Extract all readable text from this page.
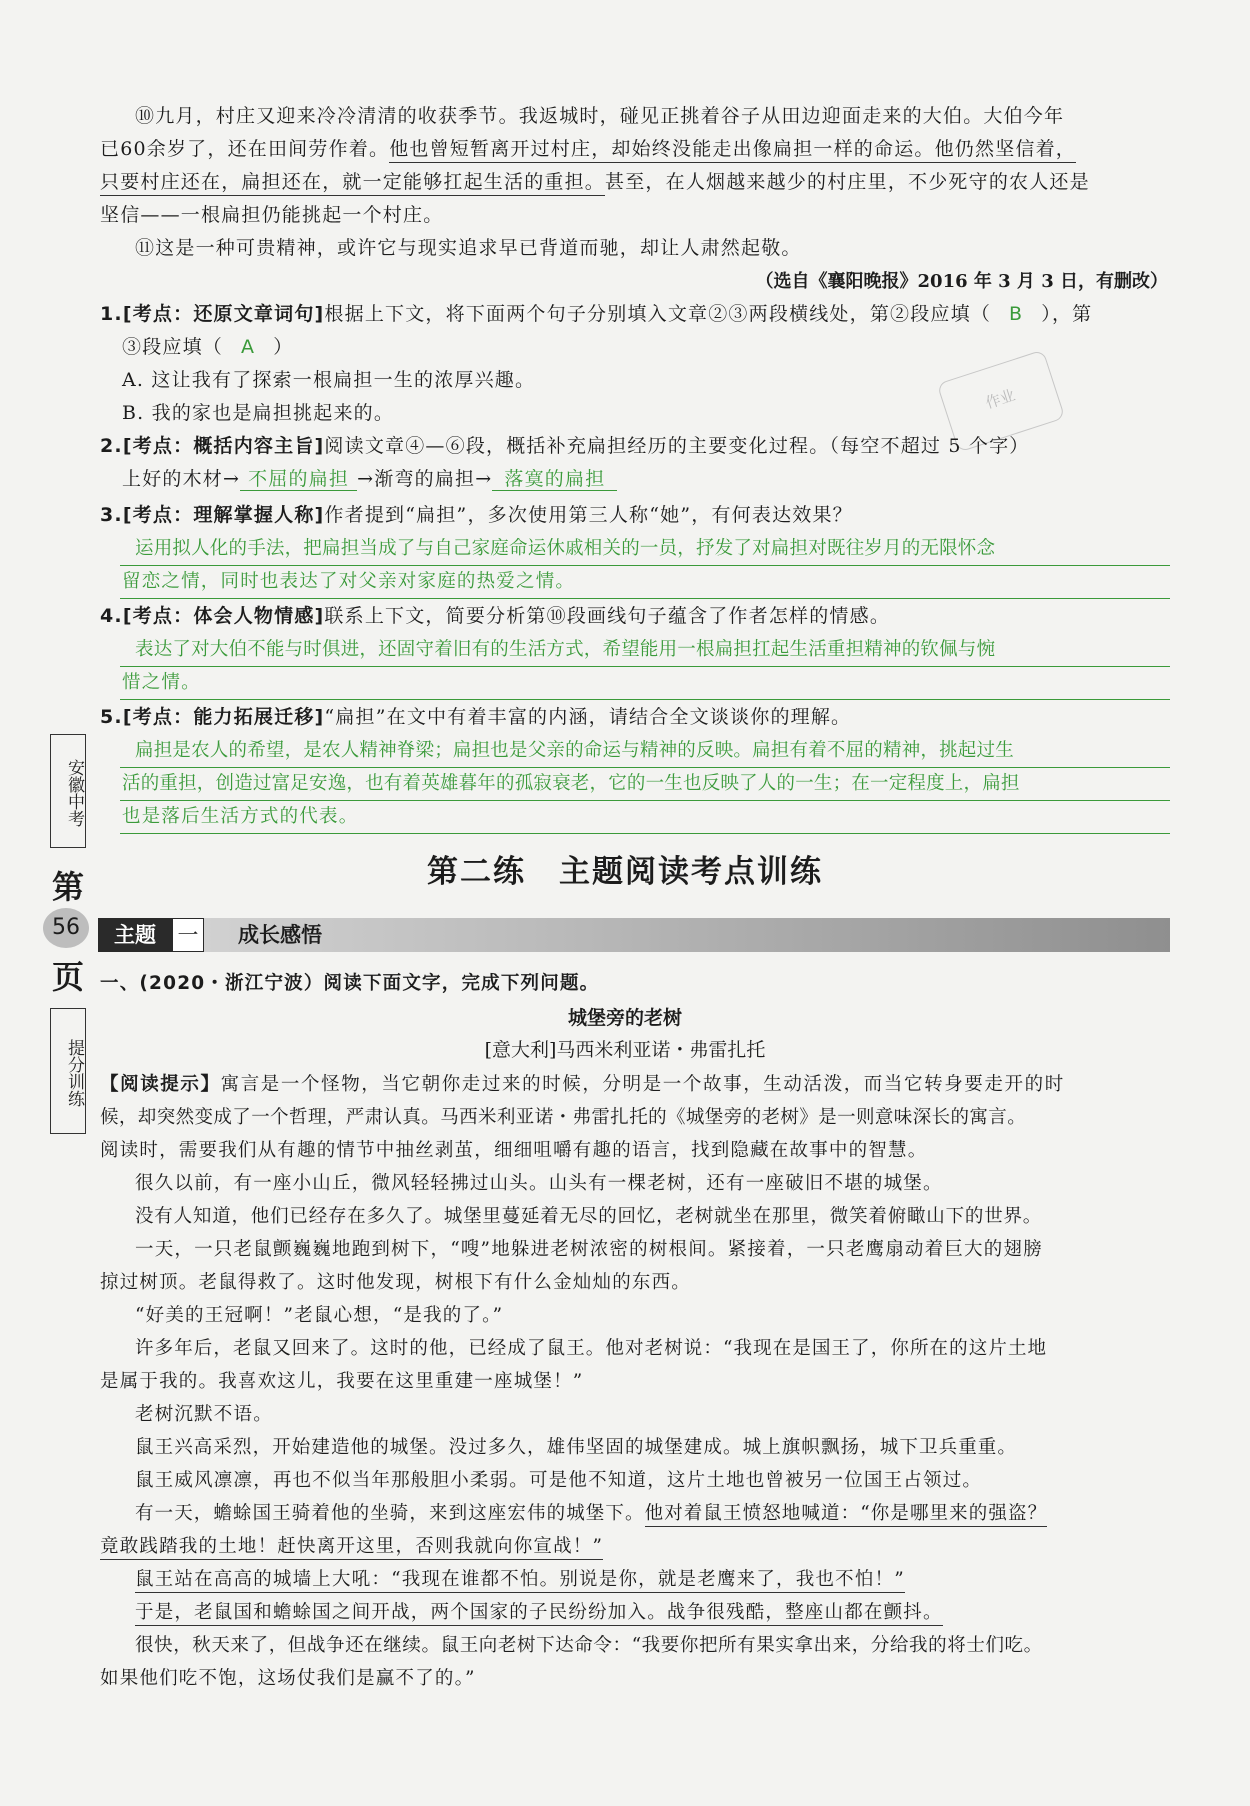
⑩九月，村庄又迎来冷冷清清的收获季节。我返城时，碰见正挑着谷子从田边迎面走来的大伯。大伯今年
已60余岁了，还在田间劳作着。他也曾短暂离开过村庄，却始终没能走出像扁担一样的命运。他仍然坚信着，
只要村庄还在，扁担还在，就一定能够扛起生活的重担。甚至，在人烟越来越少的村庄里，不少死守的农人还是
坚信——一根扁担仍能挑起一个村庄。
⑪这是一种可贵精神，或许它与现实追求早已背道而驰，却让人肃然起敬。
（选自《襄阳晚报》2016 年 3 月 3 日，有删改）
作业
1.[考点：还原文章词句]根据上下文，将下面两个句子分别填入文章②③两段横线处，第②段应填（ B ），第
③段应填（ A ）
A. 这让我有了探索一根扁担一生的浓厚兴趣。
B. 我的家也是扁担挑起来的。
2.[考点：概括内容主旨]阅读文章④—⑥段，概括补充扁担经历的主要变化过程。（每空不超过 5 个字）
上好的木材→ 不屈的扁担 →渐弯的扁担→ 落寞的扁担
3.[考点：理解掌握人称]作者提到“扁担”，多次使用第三人称“她”，有何表达效果？
运用拟人化的手法，把扁担当成了与自己家庭命运休戚相关的一员，抒发了对扁担对既往岁月的无限怀念
留恋之情，同时也表达了对父亲对家庭的热爱之情。
4.[考点：体会人物情感]联系上下文，简要分析第⑩段画线句子蕴含了作者怎样的情感。
表达了对大伯不能与时俱进，还固守着旧有的生活方式，希望能用一根扁担扛起生活重担精神的钦佩与惋
惜之情。
5.[考点：能力拓展迁移]“扁担”在文中有着丰富的内涵，请结合全文谈谈你的理解。
扁担是农人的希望，是农人精神脊梁；扁担也是父亲的命运与精神的反映。扁担有着不屈的精神，挑起过生
活的重担，创造过富足安逸，也有着英雄暮年的孤寂衰老，它的一生也反映了人的一生；在一定程度上，扁担
也是落后生活方式的代表。
安徽中考
第
56
页
提分训练
第二练　主题阅读考点训练
主题	一 成长感悟
一、(2020・浙江宁波）阅读下面文字，完成下列问题。
城堡旁的老树
[意大利]马西米利亚诺・弗雷扎托
【阅读提示】寓言是一个怪物，当它朝你走过来的时候，分明是一个故事，生动活泼，而当它转身要走开的时
候，却突然变成了一个哲理，严肃认真。马西米利亚诺・弗雷扎托的《城堡旁的老树》是一则意味深长的寓言。
阅读时，需要我们从有趣的情节中抽丝剥茧，细细咀嚼有趣的语言，找到隐藏在故事中的智慧。
很久以前，有一座小山丘，微风轻轻拂过山头。山头有一棵老树，还有一座破旧不堪的城堡。
没有人知道，他们已经存在多久了。城堡里蔓延着无尽的回忆，老树就坐在那里，微笑着俯瞰山下的世界。
一天，一只老鼠颤巍巍地跑到树下，“嗖”地躲进老树浓密的树根间。紧接着，一只老鹰扇动着巨大的翅膀
掠过树顶。老鼠得救了。这时他发现，树根下有什么金灿灿的东西。
“好美的王冠啊！”老鼠心想，“是我的了。”
许多年后，老鼠又回来了。这时的他，已经成了鼠王。他对老树说：“我现在是国王了，你所在的这片土地
是属于我的。我喜欢这儿，我要在这里重建一座城堡！”
老树沉默不语。
鼠王兴高采烈，开始建造他的城堡。没过多久，雄伟坚固的城堡建成。城上旗帜飘扬，城下卫兵重重。
鼠王威风凛凛，再也不似当年那般胆小柔弱。可是他不知道，这片土地也曾被另一位国王占领过。
有一天，蟾蜍国王骑着他的坐骑，来到这座宏伟的城堡下。他对着鼠王愤怒地喊道：“你是哪里来的强盗？
竟敢践踏我的土地！赶快离开这里，否则我就向你宣战！”
鼠王站在高高的城墙上大吼：“我现在谁都不怕。别说是你，就是老鹰来了，我也不怕！”
于是，老鼠国和蟾蜍国之间开战，两个国家的子民纷纷加入。战争很残酷，整座山都在颤抖。
很快，秋天来了，但战争还在继续。鼠王向老树下达命令：“我要你把所有果实拿出来，分给我的将士们吃。
如果他们吃不饱，这场仗我们是赢不了的。”
